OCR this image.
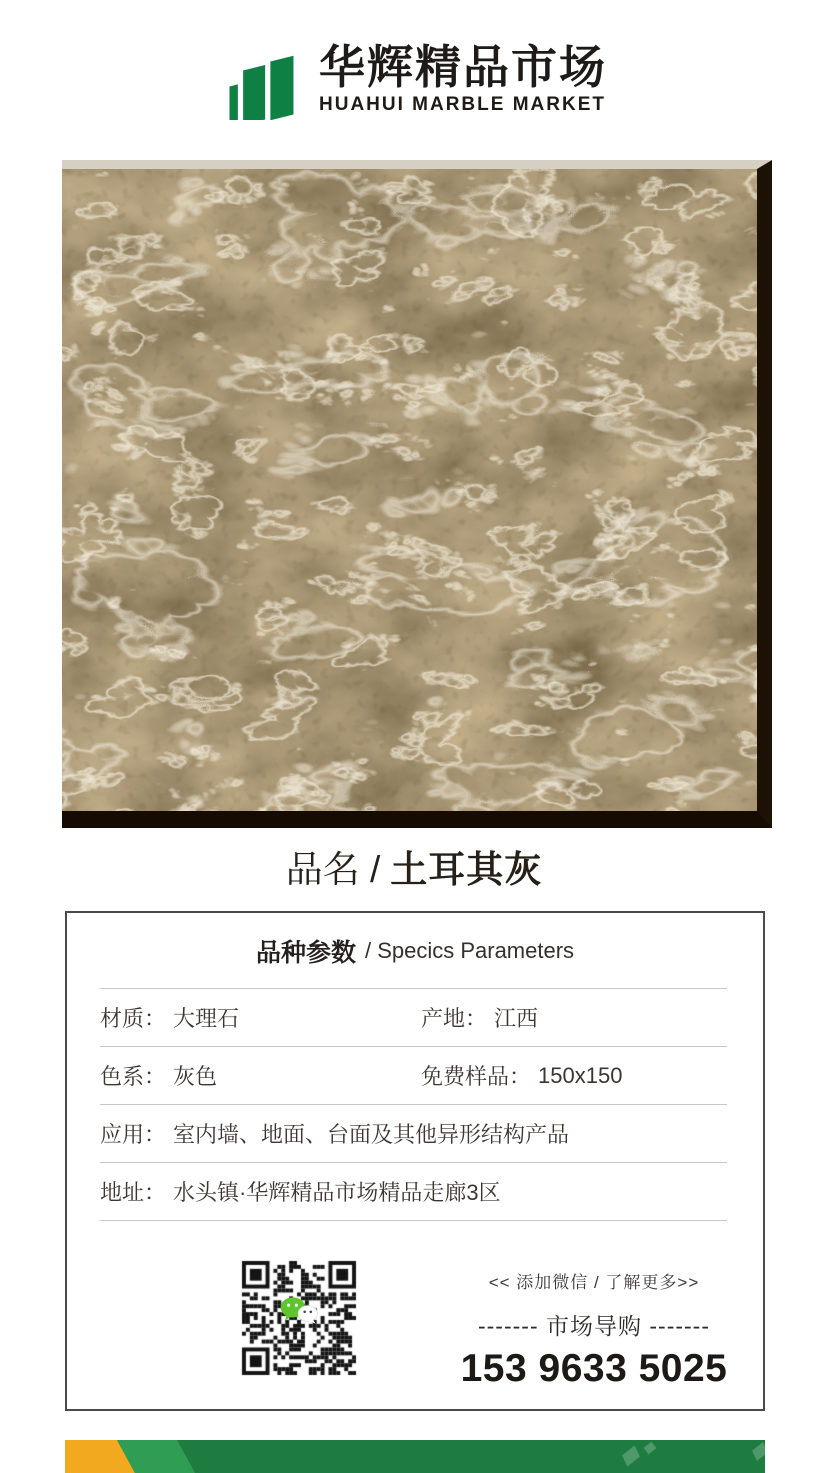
华辉精品市场
HUAHUI MARBLE MARKET
品名 / 土耳其灰
品种参数 / Specics Parameters
材质： 大理石	产地： 江西
色系： 灰色	免费样品： 150x150
应用： 室内墙、地面、台面及其他异形结构产品
地址： 水头镇·华辉精品市场精品走廊3区
<< 添加微信 / 了解更多>>
------- 市场导购 -------
153 9633 5025
